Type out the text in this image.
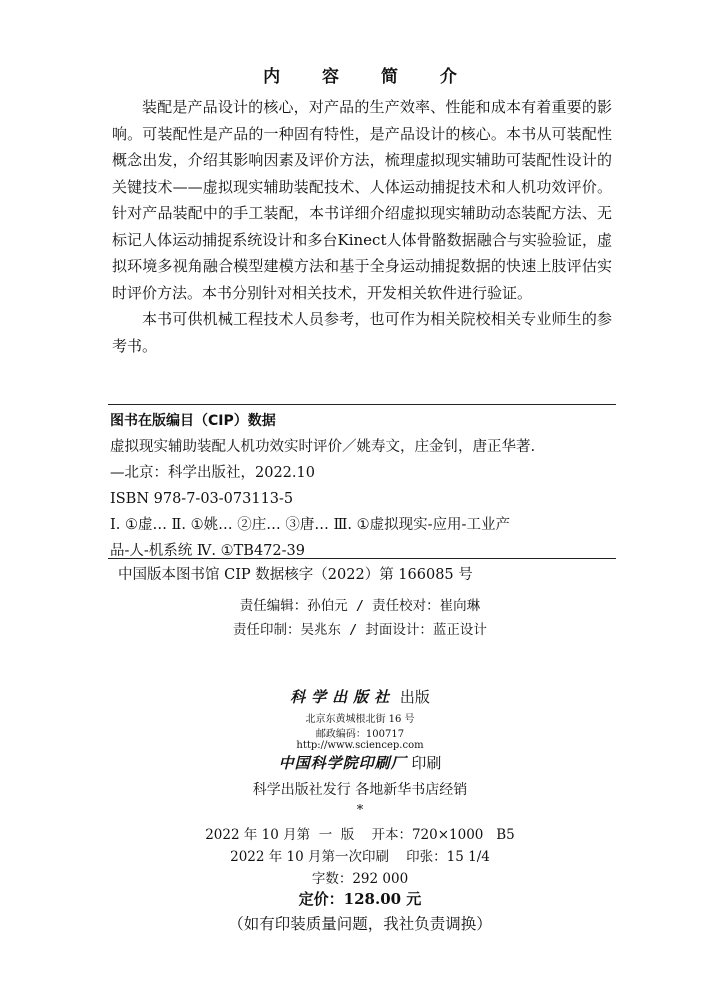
内 容 简 介

装配是产品设计的核心，对产品的生产效率、性能和成本有着重要的影响。可装配性是产品的一种固有特性，是产品设计的核心。本书从可装配性概念出发，介绍其影响因素及评价方法，梳理虚拟现实辅助可装配性设计的关键技术——虚拟现实辅助装配技术、人体运动捕捉技术和人机功效评价。针对产品装配中的手工装配，本书详细介绍虚拟现实辅助动态装配方法、无标记人体运动捕捉系统设计和多台Kinect人体骨骼数据融合与实验验证，虚拟环境多视角融合模型建模方法和基于全身运动捕捉数据的快速上肢评估实时评价方法。本书分别针对相关技术，开发相关软件进行验证。

本书可供机械工程技术人员参考，也可作为相关院校相关专业师生的参考书。

图书在版编目（CIP）数据
虚拟现实辅助装配人机功效实时评价／姚寿文，庄金钊，唐正华著.
—北京：科学出版社，2022.10
ISBN 978-7-03-073113-5
Ⅰ. ①虚… Ⅱ. ①姚… ②庄… ③唐… Ⅲ. ①虚拟现实-应用-工业产
品-人-机系统 Ⅳ. ①TB472-39
中国版本图书馆 CIP 数据核字（2022）第 166085 号
责任编辑：孙伯元 / 责任校对：崔向琳
责任印制：吴兆东 / 封面设计：蓝正设计
科学出版社 出版
北京东黄城根北街 16 号
邮政编码：100717
http://www.sciencep.com
中国科学院印刷厂 印刷
科学出版社发行 各地新华书店经销
*
2022 年 10 月第  一  版    开本：720×1000   B5
2022 年 10 月第一次印刷    印张：15 1/4
字数：292 000
定价：128.00 元
（如有印装质量问题，我社负责调换）
